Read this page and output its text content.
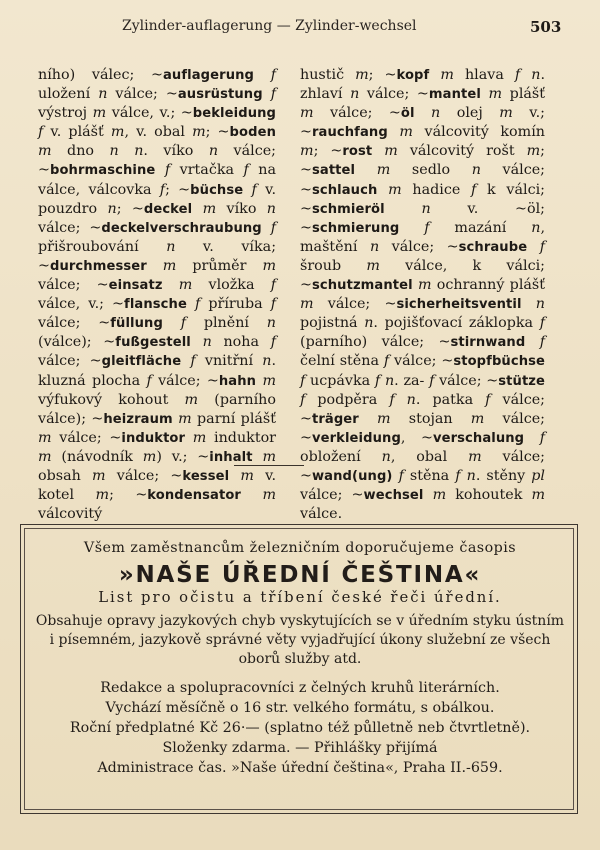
Zylinder-auflagerung — Zylinder-wechsel	503

ního) válec; ~auflagerung f uložení n válce; ~ausrüstung f výstroj m válce, v.; ~bekleidung f v. plášť m, v. obal m; ~boden m dno n n. víko n válce; ~bohrmaschine f vrtačka f na válce, válcovka f; ~büchse f v. pouzdro n; ~deckel m víko n válce; ~deckelverschraubung f přišroubování n v. víka; ~durchmesser m průměr m válce; ~einsatz m vložka f válce, v.; ~flansche f příruba f válce; ~füllung f plnění n (válce); ~fußgestell n noha f válce; ~gleitfläche f vnitřní n. kluzná plocha f válce; ~hahn m výfukový kohout m (parního válce); ~heizraum m parní plášť m válce; ~induktor m induktor m (návodník m) v.; ~inhalt m obsah m válce; ~kessel m v. kotel m; ~kondensator m válcovitý

hustič m; ~kopf m hlava f n. zhlaví n válce; ~mantel m plášť m válce; ~öl n olej m v.; ~rauchfang m válcovitý komín m; ~rost m válcovitý rošt m; ~sattel m sedlo n válce; ~schlauch m hadice f k válci; ~schmieröl	n v. ~öl; ~schmierung f mazání n, maštění n válce; ~schraube f šroub m válce, k válci; ~schutzmantel m ochranný plášť m válce; ~sicherheitsventil n pojistná n. pojišťovací záklopka f (parního) válce; ~stirnwand f čelní stěna f válce; ~stopfbüchse f ucpávka f n. za- f válce; ~stütze f podpěra f n. patka f válce; ~träger m stojan m válce; ~verkleidung, ~verschalung f obložení n, obal m válce; ~wand(ung) f stěna f n. stěny pl válce; ~wechsel m kohoutek m válce.

Všem zaměstnancům železničním doporučujeme časopis
»NAŠE ÚŘEDNÍ ČEŠTINA«
List pro očistu a tříbení české řeči úřední.
Obsahuje opravy jazykových chyb vyskytujících se v úředním styku ústním i písemném, jazykově správné věty vyjadřující úkony služební ze všech oborů služby atd.
Redakce a spolupracovníci z čelných kruhů literárních.
Vychází měsíčně o 16 str. velkého formátu, s obálkou.
Roční předplatné Kč 26·— (splatno též půlletně neb čtvrtletně).
Složenky zdarma. — Přihlášky přijímá
Administrace čas. »Naše úřední čeština«, Praha II.-659.
